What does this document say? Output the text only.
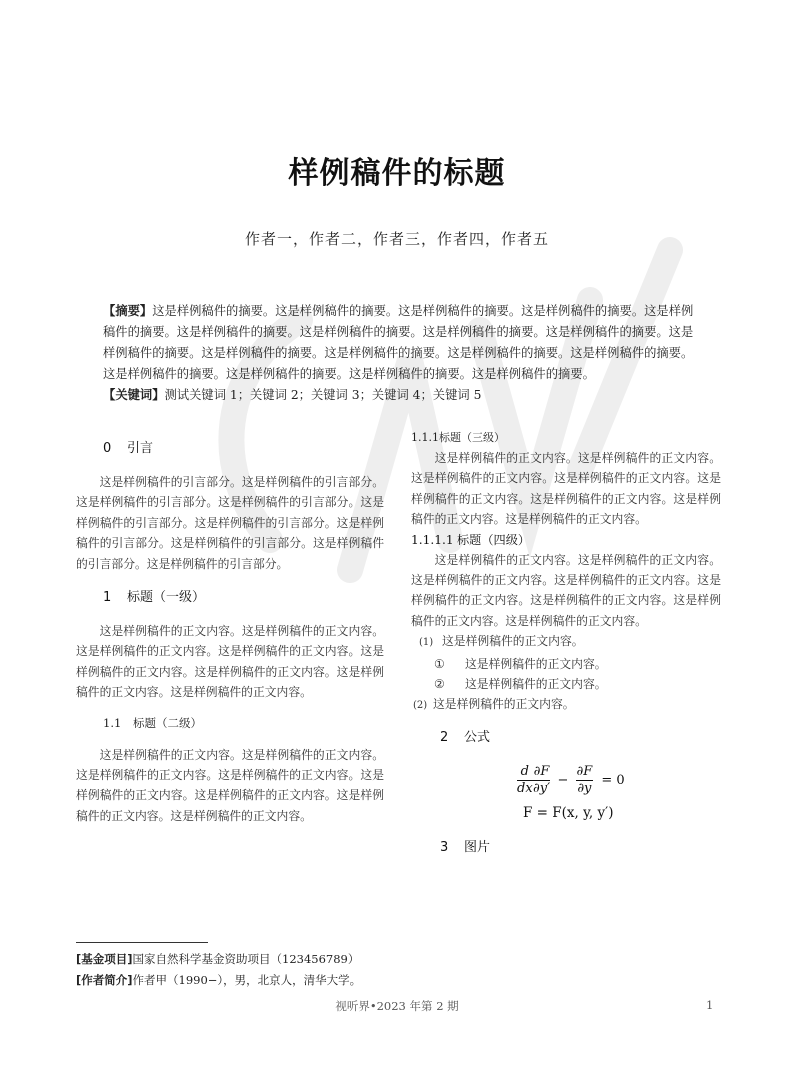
样例稿件的标题
作者一，作者二，作者三，作者四，作者五
【摘要】这是样例稿件的摘要。这是样例稿件的摘要。这是样例稿件的摘要。这是样例稿件的摘要。这是样例稿件的摘要。这是样例稿件的摘要。这是样例稿件的摘要。这是样例稿件的摘要。这是样例稿件的摘要。这是样例稿件的摘要。这是样例稿件的摘要。这是样例稿件的摘要。这是样例稿件的摘要。这是样例稿件的摘要。这是样例稿件的摘要。这是样例稿件的摘要。这是样例稿件的摘要。这是样例稿件的摘要。
【关键词】测试关键词 1；关键词 2；关键词 3；关键词 4；关键词 5
0 引言

这是样例稿件的引言部分。这是样例稿件的引言部分。这是样例稿件的引言部分。这是样例稿件的引言部分。这是样例稿件的引言部分。这是样例稿件的引言部分。这是样例稿件的引言部分。这是样例稿件的引言部分。这是样例稿件的引言部分。这是样例稿件的引言部分。

1 标题（一级）

这是样例稿件的正文内容。这是样例稿件的正文内容。这是样例稿件的正文内容。这是样例稿件的正文内容。这是样例稿件的正文内容。这是样例稿件的正文内容。这是样例稿件的正文内容。这是样例稿件的正文内容。

1.1 标题（二级）

这是样例稿件的正文内容。这是样例稿件的正文内容。这是样例稿件的正文内容。这是样例稿件的正文内容。这是样例稿件的正文内容。这是样例稿件的正文内容。这是样例稿件的正文内容。这是样例稿件的正文内容。

1.1.1标题（三级）

这是样例稿件的正文内容。这是样例稿件的正文内容。这是样例稿件的正文内容。这是样例稿件的正文内容。这是样例稿件的正文内容。这是样例稿件的正文内容。这是样例稿件的正文内容。这是样例稿件的正文内容。

1.1.1.1 标题（四级）

这是样例稿件的正文内容。这是样例稿件的正文内容。这是样例稿件的正文内容。这是样例稿件的正文内容。这是样例稿件的正文内容。这是样例稿件的正文内容。这是样例稿件的正文内容。这是样例稿件的正文内容。

(1) 这是样例稿件的正文内容。
① 这是样例稿件的正文内容。
② 这是样例稿件的正文内容。
(2) 这是样例稿件的正文内容。
2 公式
$\frac{d}{dx} \frac{\partial F}{\partial y'} - \frac{\partial F}{\partial y} = 0$
F = F(x, y, y′)
3 图片
[基金项目]国家自然科学基金资助项目（123456789）
[作者简介]作者甲（1990−），男，北京人，清华大学。
视听界•2023 年第 2 期	1
